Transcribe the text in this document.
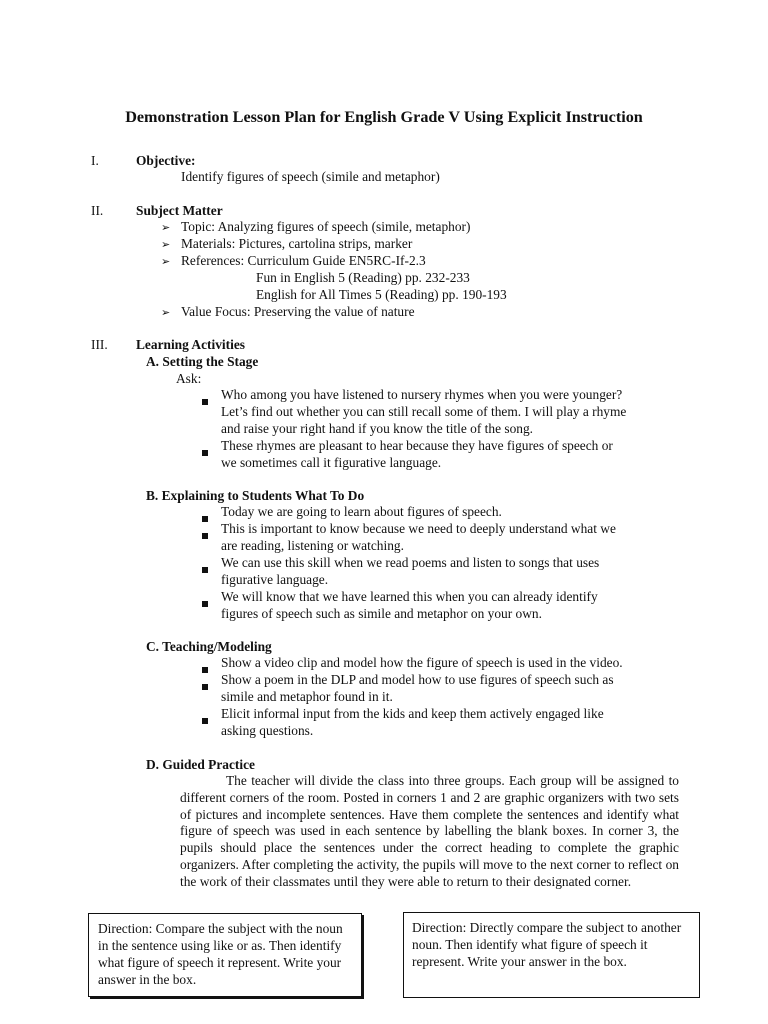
Demonstration Lesson Plan for English Grade V Using Explicit Instruction
I.	Objective:
Identify figures of speech (simile and metaphor)
II. Subject Matter
➢ Topic: Analyzing figures of speech (simile, metaphor)
➢ Materials: Pictures, cartolina strips, marker
➢ References: Curriculum Guide EN5RC-If-2.3
Fun in English 5 (Reading) pp. 232-233
English for All Times 5 (Reading) pp. 190-193
➢ Value Focus: Preserving the value of nature
III. Learning Activities
A. Setting the Stage
Ask:
Who among you have listened to nursery rhymes when you were younger?
Let’s find out whether you can still recall some of them. I will play a rhyme
and raise your right hand if you know the title of the song.
These rhymes are pleasant to hear because they have figures of speech or
we sometimes call it figurative language.
B. Explaining to Students What To Do
Today we are going to learn about figures of speech.
This is important to know because we need to deeply understand what we
are reading, listening or watching.
We can use this skill when we read poems and listen to songs that uses
figurative language.
We will know that we have learned this when you can already identify
figures of speech such as simile and metaphor on your own.
C. Teaching/Modeling
Show a video clip and model how the figure of speech is used in the video.
Show a poem in the DLP and model how to use figures of speech such as
simile and metaphor found in it.
Elicit informal input from the kids and keep them actively engaged like
asking questions.
D. Guided Practice
The teacher will divide the class into three groups. Each group will be assigned to different corners of the room. Posted in corners 1 and 2 are graphic organizers with two sets of pictures and incomplete sentences. Have them complete the sentences and identify what figure of speech was used in each sentence by labelling the blank boxes. In corner 3, the pupils should place the sentences under the correct heading to complete the graphic organizers. After completing the activity, the pupils will move to the next corner to reflect on the work of their classmates until they were able to return to their designated corner.
Direction: Compare the subject with the noun in the sentence using like or as. Then identify what figure of speech it represent. Write your answer in the box.
Direction: Directly compare the subject to another noun. Then identify what figure of speech it represent. Write your answer in the box.
